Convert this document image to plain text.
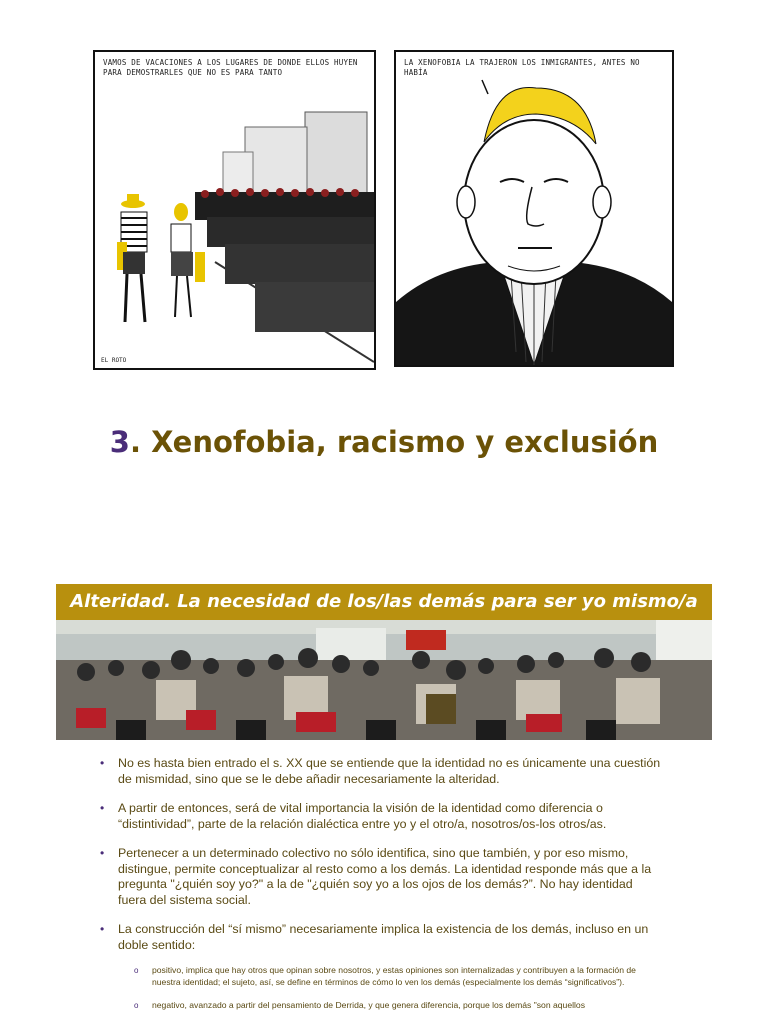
VAMOS DE VACACIONES A LOS LUGARES DE DONDE ELLOS HUYEN PARA DEMOSTRARLES QUE NO ES PARA TANTO
EL ROTO
LA XENOFOBIA LA TRAJERON LOS INMIGRANTES, ANTES NO HABÍA
3. Xenofobia, racismo y exclusión
Alteridad. La necesidad de los/las demás para ser yo mismo/a
• No es hasta bien entrado el s. XX que se entiende que la identidad no es únicamente una cuestión de mismidad, sino que se le debe añadir necesariamente la alteridad.
• A partir de entonces, será de vital importancia la visión de la identidad como diferencia o “distintividad”, parte de la relación dialéctica entre yo y el otro/a, nosotros/os-los otros/as.
• Pertenecer a un determinado colectivo no sólo identifica, sino que también, y por eso mismo, distingue, permite conceptualizar al resto como a los demás. La identidad responde más que a la pregunta "¿quién soy yo?" a la de "¿quién soy yo a los ojos de los demás?”. No hay identidad fuera del sistema social.
• La construcción del “sí mismo” necesariamente implica la existencia de los demás, incluso en un doble sentido:
o positivo, implica que hay otros que opinan sobre nosotros, y estas opiniones son internalizadas y contribuyen a la formación de nuestra identidad; el sujeto, así, se define en términos de cómo lo ven los demás (especialmente los demás “significativos”).
o negativo, avanzado a partir del pensamiento de Derrida, y que genera diferencia, porque los demás "son aquellos
